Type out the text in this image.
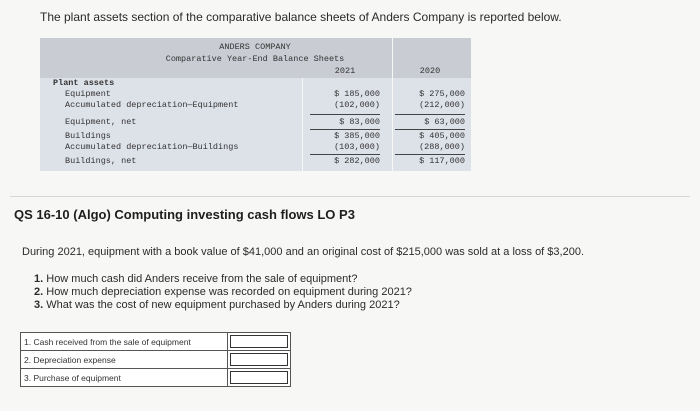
The plant assets section of the comparative balance sheets of Anders Company is reported below.
ANDERS COMPANY
Comparative Year-End Balance Sheets
2021	2020
Plant assets
Equipment	$ 185,000	$ 275,000
Accumulated depreciation—Equipment	(102,000)	(212,000)
Equipment, net	$ 83,000	$ 63,000
Buildings	$ 385,000	$ 405,000
Accumulated depreciation—Buildings	(103,000)	(288,000)
Buildings, net	$ 282,000	$ 117,000
QS 16-10 (Algo) Computing investing cash flows LO P3
During 2021, equipment with a book value of $41,000 and an original cost of $215,000 was sold at a loss of $3,200.
1. How much cash did Anders receive from the sale of equipment?
2. How much depreciation expense was recorded on equipment during 2021?
3. What was the cost of new equipment purchased by Anders during 2021?
1. Cash received from the sale of equipment	

2. Depreciation expense	

3. Purchase of equipment	
